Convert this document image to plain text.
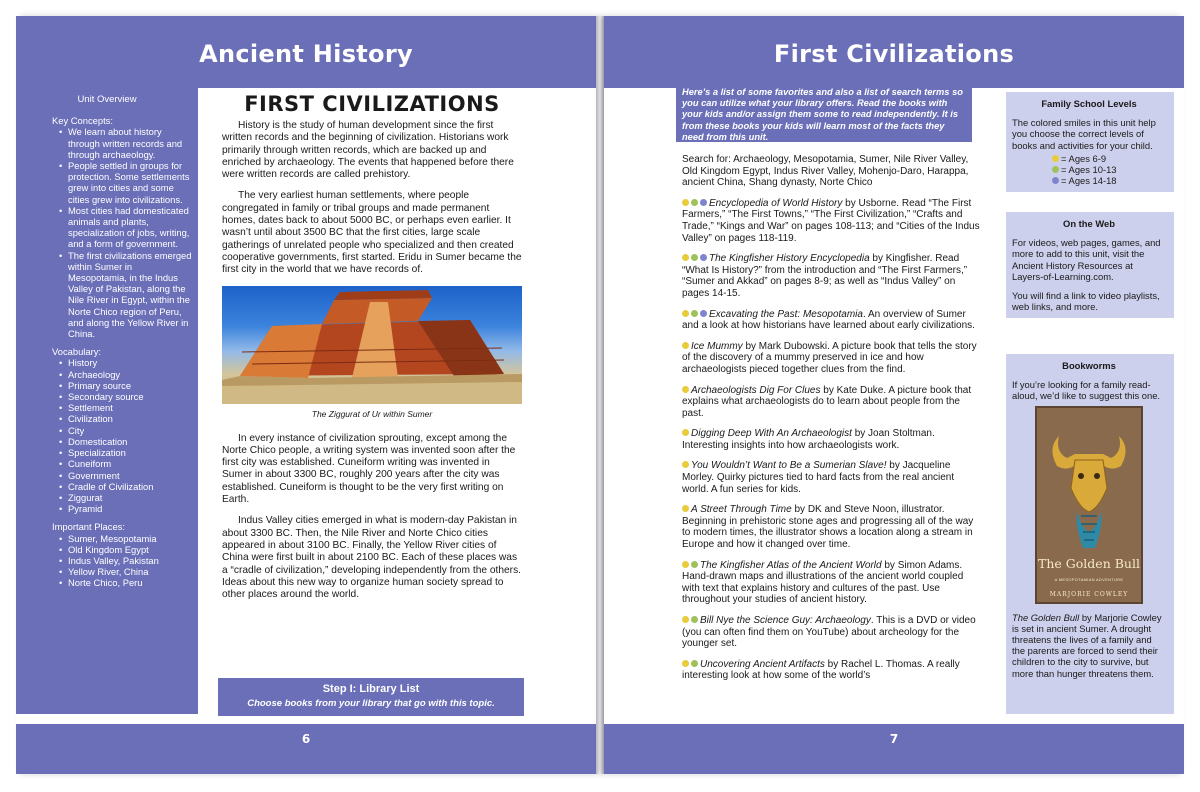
Ancient History
Unit Overview
Key Concepts:
• We learn about history through written records and through archaeology.
• People settled in groups for protection. Some settlements grew into cities and some cities grew into civilizations.
• Most cities had domesticated animals and plants, specialization of jobs, writing, and a form of government.
• The first civilizations emerged within Sumer in Mesopotamia, in the Indus Valley of Pakistan, along the Nile River in Egypt, within the Norte Chico region of Peru, and along the Yellow River in China.
Vocabulary:
• History
• Archaeology
• Primary source
• Secondary source
• Settlement
• Civilization
• City
• Domestication
• Specialization
• Cuneiform
• Government
• Cradle of Civilization
• Ziggurat
• Pyramid
Important Places:
• Sumer, Mesopotamia
• Old Kingdom Egypt
• Indus Valley, Pakistan
• Yellow River, China
• Norte Chico, Peru
FIRST CIVILIZATIONS

History is the study of human development since the first written records and the beginning of civilization. Historians work primarily through written records, which are backed up and enriched by archaeology. The events that happened before there were written records are called prehistory.

The very earliest human settlements, where people congregated in family or tribal groups and made permanent homes, dates back to about 5000 BC, or perhaps even earlier. It wasn’t until about 3500 BC that the first cities, large scale gatherings of unrelated people who specialized and then created cooperative governments, first started. Eridu in Sumer became the first city in the world that we have records of.

The Ziggurat of Ur within Sumer

In every instance of civilization sprouting, except among the Norte Chico people, a writing system was invented soon after the first city was established. Cuneiform writing was invented in Sumer in about 3300 BC, roughly 200 years after the city was established. Cuneiform is thought to be the very first writing on Earth.

Indus Valley cities emerged in what is modern-day Pakistan in about 3300 BC. Then, the Nile River and Norte Chico cities appeared in about 3100 BC. Finally, the Yellow River cities of China were first built in about 2100 BC. Each of these places was a “cradle of civilization,” developing independently from the others. Ideas about this new way to organize human society spread to other places around the world.

Step I: Library List
Choose books from your library that go with this topic.
6
First Civilizations
Here’s a list of some favorites and also a list of search terms so you can utilize what your library offers. Read the books with your kids and/or assign them some to read independently. It is from these books your kids will learn most of the facts they need from this unit.

Search for: Archaeology, Mesopotamia, Sumer, Nile River Valley, Old Kingdom Egypt, Indus River Valley, Mohenjo-Daro, Harappa, ancient China, Shang dynasty, Norte Chico

Encyclopedia of World History by Usborne. Read “The First Farmers,” “The First Towns,” “The First Civilization,” “Crafts and Trade,” “Kings and War” on pages 108-113; and “Cities of the Indus Valley” on pages 118-119.

The Kingfisher History Encyclopedia by Kingfisher. Read “What Is History?” from the introduction and “The First Farmers,” “Sumer and Akkad” on pages 8-9; as well as “Indus Valley” on pages 14-15.

Excavating the Past: Mesopotamia. An overview of Sumer and a look at how historians have learned about early civilizations.

Ice Mummy by Mark Dubowski. A picture book that tells the story of the discovery of a mummy preserved in ice and how archaeologists pieced together clues from the find.

Archaeologists Dig For Clues by Kate Duke. A picture book that explains what archaeologists do to learn about people from the past.

Digging Deep With An Archaeologist by Joan Stoltman. Interesting insights into how archaeologists work.

You Wouldn’t Want to Be a Sumerian Slave! by Jacqueline Morley. Quirky pictures tied to hard facts from the real ancient world. A fun series for kids.

A Street Through Time by DK and Steve Noon, illustrator. Beginning in prehistoric stone ages and progressing all of the way to modern times, the illustrator shows a location along a stream in Europe and how it changed over time.

The Kingfisher Atlas of the Ancient World by Simon Adams. Hand-drawn maps and illustrations of the ancient world coupled with text that explains history and cultures of the past. Use throughout your studies of ancient history.

Bill Nye the Science Guy: Archaeology. This is a DVD or video (you can often find them on YouTube) about archeology for the younger set.

Uncovering Ancient Artifacts by Rachel L. Thomas. A really interesting look at how some of the world’s

Family School Levels

The colored smiles in this unit help you choose the correct levels of books and activities for your child.

= Ages 6-9
= Ages 10-13
= Ages 14-18
On the Web

For videos, web pages, games, and more to add to this unit, visit the Ancient History Resources at Layers-of-Learning.com.

You will find a link to video playlists, web links, and more.

Bookworms

If you’re looking for a family read-aloud, we’d like to suggest this one.

The Golden Bull
A MESOPOTAMIAN ADVENTURE
MARJORIE COWLEY

The Golden Bull by Marjorie Cowley is set in ancient Sumer. A drought threatens the lives of a family and the parents are forced to send their children to the city to survive, but more than hunger threatens them.

7
